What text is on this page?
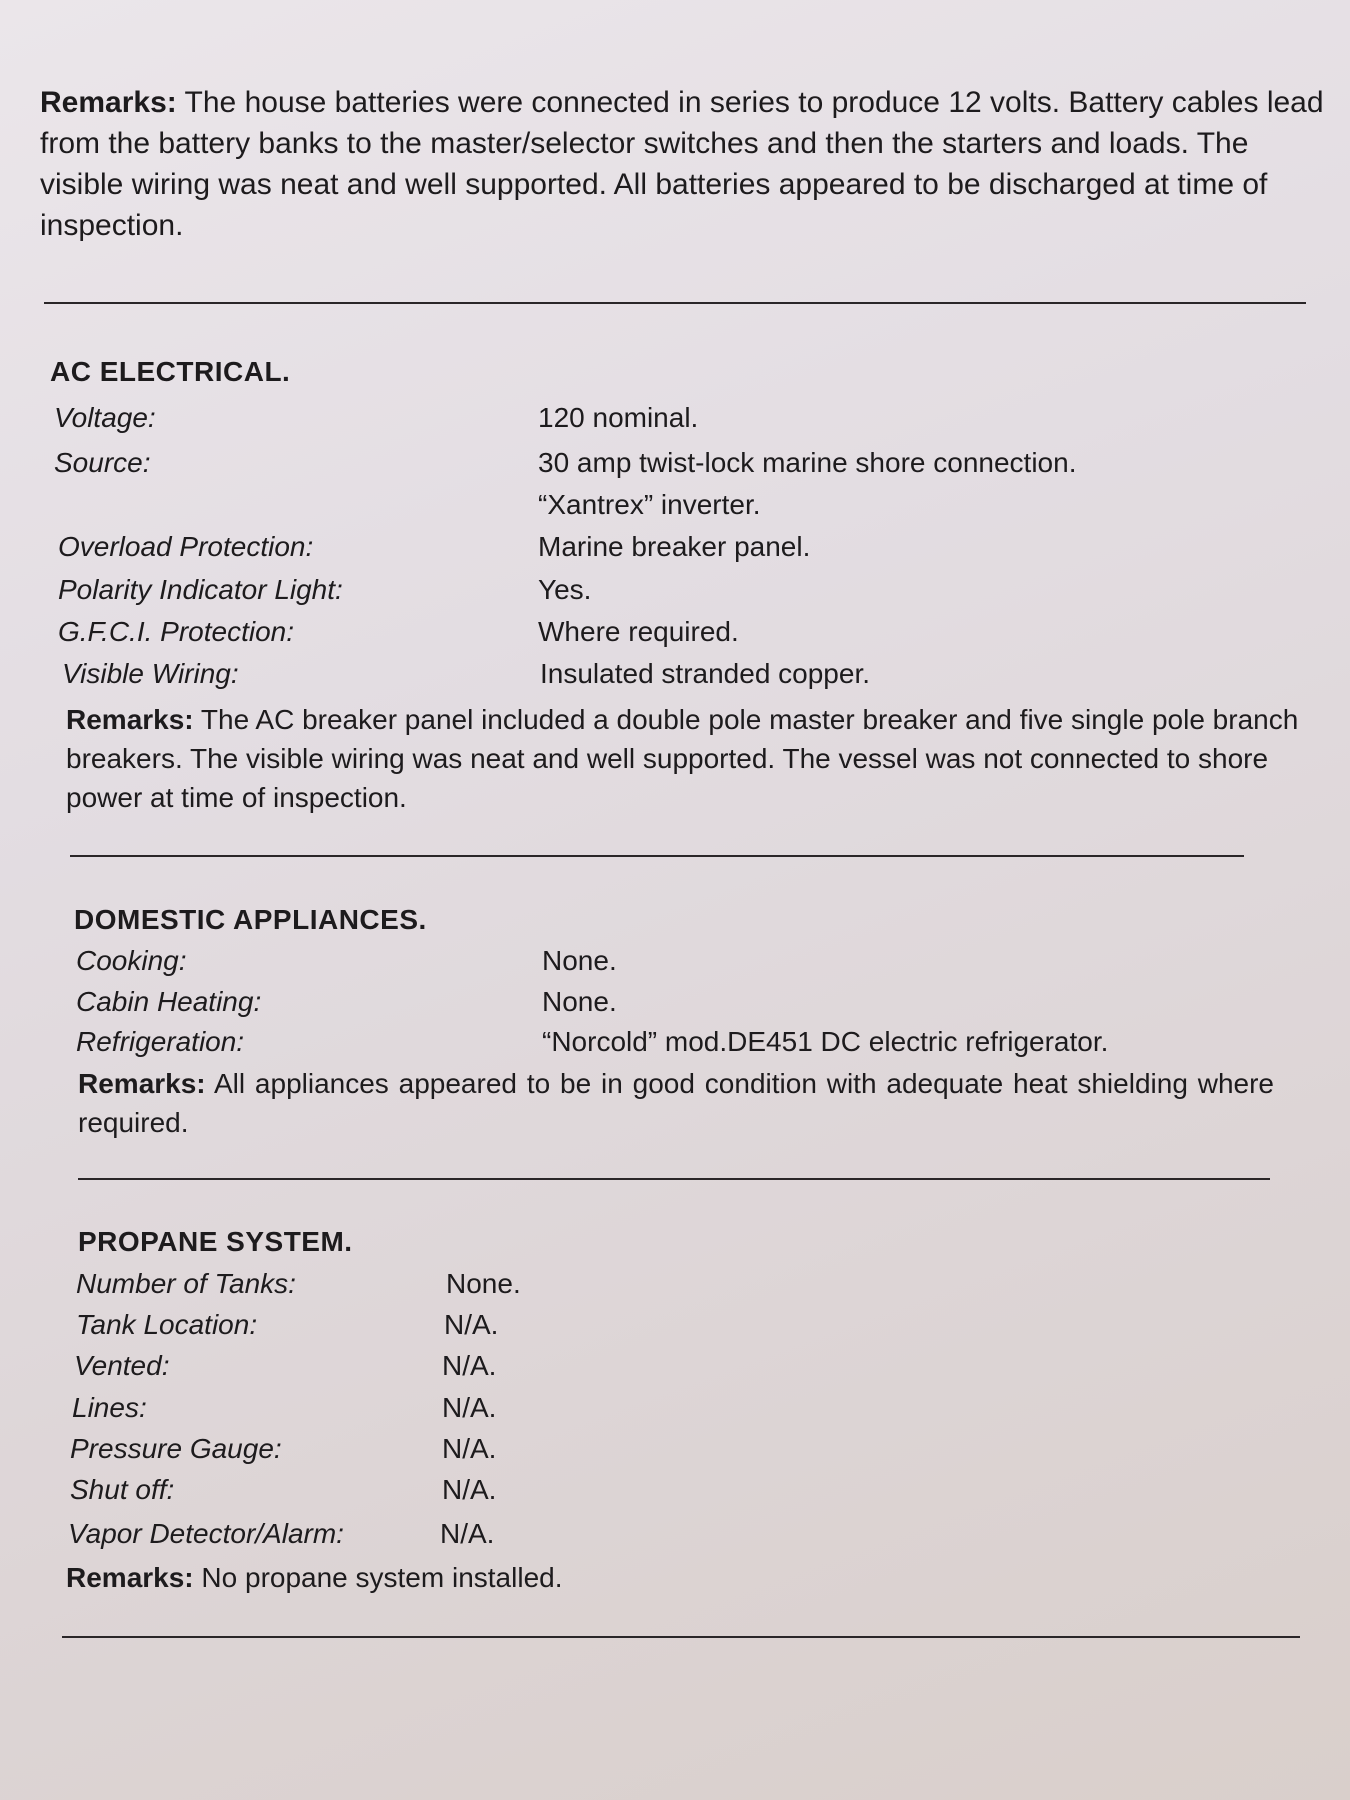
Remarks: The house batteries were connected in series to produce 12 volts. Battery cables lead from the battery banks to the master/selector switches and then the starters and loads. The visible wiring was neat and well supported. All batteries appeared to be discharged at time of inspection.

AC ELECTRICAL.
Voltage:	120 nominal.
Source:	30 amp twist-lock marine shore connection.
“Xantrex” inverter.
Overload Protection:	Marine breaker panel.
Polarity Indicator Light:	Yes.
G.F.C.I. Protection:	Where required.
Visible Wiring:	Insulated stranded copper.

Remarks: The AC breaker panel included a double pole master breaker and five single pole branch breakers. The visible wiring was neat and well supported. The vessel was not connected to shore power at time of inspection.

DOMESTIC APPLIANCES.
Cooking:	None.
Cabin Heating:	None.
Refrigeration:	“Norcold” mod.DE451 DC electric refrigerator.

Remarks: All appliances appeared to be in good condition with adequate heat shielding where required.

PROPANE SYSTEM.
Number of Tanks:	None.
Tank Location:	N/A.
Vented:	N/A.
Lines:	N/A.
Pressure Gauge:	N/A.
Shut off:	N/A.
Vapor Detector/Alarm:	N/A.

Remarks: No propane system installed.
